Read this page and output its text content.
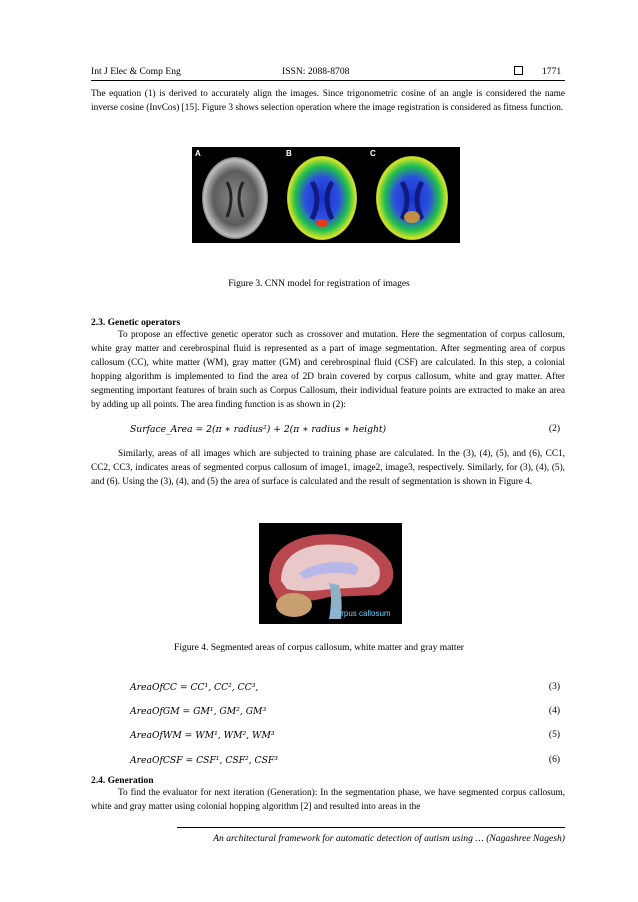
Int J Elec & Comp Eng	ISSN: 2088-8708	1771

The equation (1) is derived to accurately align the images. Since trigonometric cosine of an angle is considered the name inverse cosine (InvCos) [15]. Figure 3 shows selection operation where the image registration is considered as fitness function.

A	B	C
Figure 3. CNN model for registration of images
2.3. Genetic operators

To propose an effective genetic operator such as crossover and mutation. Here the segmentation of corpus callosum, white gray matter and cerebrospinal fluid is represented as a part of image segmentation. After segmenting area of corpus callosum (CC), white matter (WM), gray matter (GM) and cerebrospinal fluid (CSF) are calculated. In this step, a colonial hopping algorithm is implemented to find the area of 2D brain covered by corpus callosum, white and gray matter. After segmenting important features of brain such as Corpus Callosum, their individual feature points are extracted to make an area by adding up all points. The area finding function is as shown in (2):

Surface_Area = 2(π ∗ radius²) + 2(π ∗ radius ∗ height)	(2)

Similarly, areas of all images which are subjected to training phase are calculated. In the (3), (4), (5), and (6), CC1, CC2, CC3, indicates areas of segmented corpus callosum of image1, image2, image3, respectively. Similarly, for (3), (4), (5), and (6). Using the (3), (4), and (5) the area of surface is calculated and the result of segmentation is shown in Figure 4.

Corpus callosum
Figure 4. Segmented areas of corpus callosum, white matter and gray matter
AreaOfCC = CC¹, CC², CC³,	(3)
AreaOfGM = GM¹, GM², GM³	(4)
AreaOfWM = WM¹, WM², WM³	(5)
AreaOfCSF = CSF¹, CSF², CSF³	(6)
2.4. Generation

To find the evaluator for next iteration (Generation): In the segmentation phase, we have segmented corpus callosum, white and gray matter using colonial hopping algorithm [2] and resulted into areas in the

An architectural framework for automatic detection of autism using … (Nagashree Nagesh)
